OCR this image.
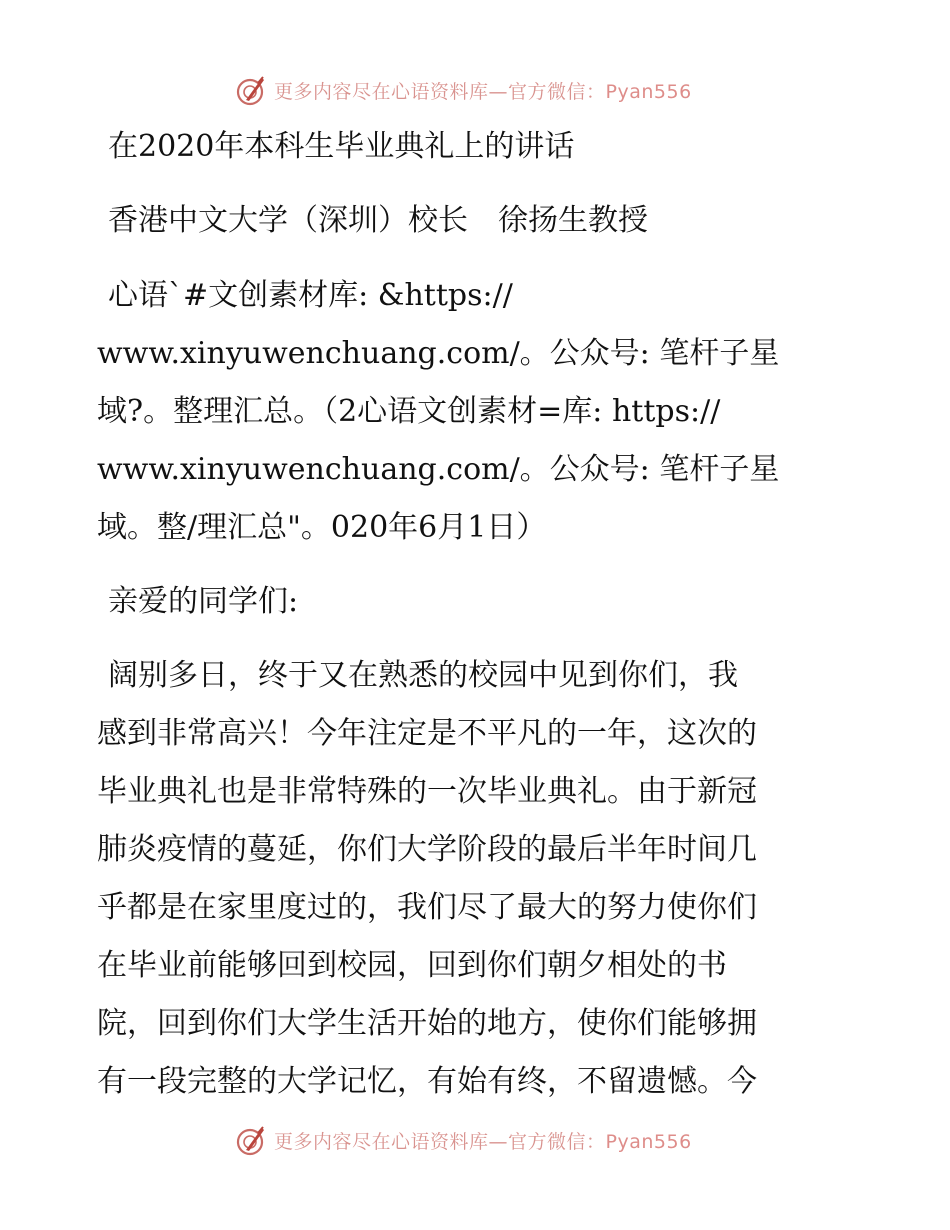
更多内容尽在心语资料库—官方微信：Pyan556
在2020年本科生毕业典礼上的讲话
香港中文大学（深圳）校长　徐扬生教授
心语`#文创素材库: &https://
www.xinyuwenchuang.com/。公众号: 笔杆子星
域?。整理汇总。（2心语文创素材=库: https://
www.xinyuwenchuang.com/。公众号: 笔杆子星
域。整/理汇总"。020年6月1日）
亲爱的同学们:
阔别多日，终于又在熟悉的校园中见到你们，我
感到非常高兴！今年注定是不平凡的一年，这次的
毕业典礼也是非常特殊的一次毕业典礼。由于新冠
肺炎疫情的蔓延，你们大学阶段的最后半年时间几
乎都是在家里度过的，我们尽了最大的努力使你们
在毕业前能够回到校园，回到你们朝夕相处的书
院，回到你们大学生活开始的地方，使你们能够拥
有一段完整的大学记忆，有始有终，不留遗憾。今
更多内容尽在心语资料库—官方微信：Pyan556
